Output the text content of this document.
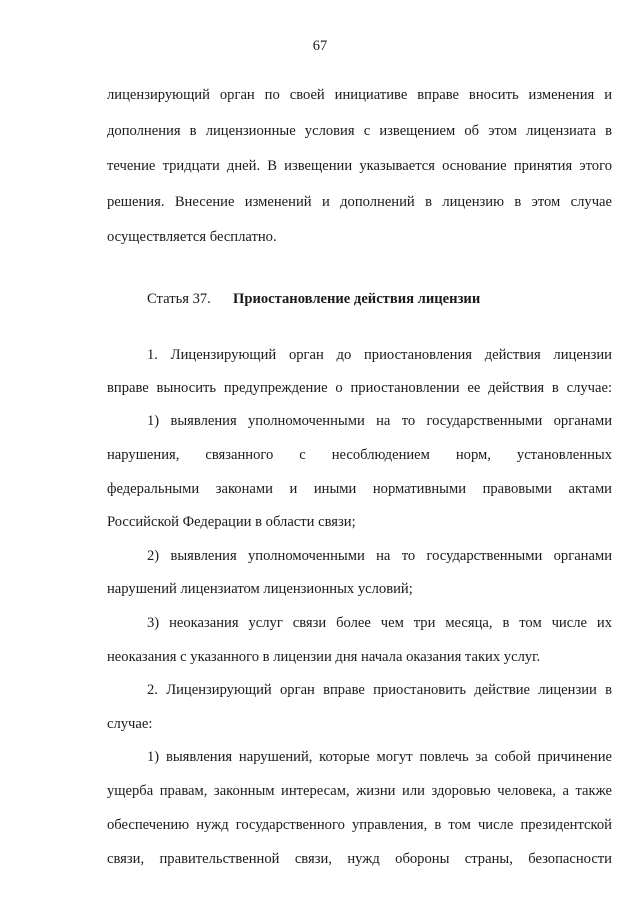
67
лицензирующий орган по своей инициативе вправе вносить изменения и
дополнения в лицензионные условия с извещением об этом лицензиата в
течение тридцати дней. В извещении указывается основание принятия этого
решения. Внесение изменений и дополнений в лицензию в этом случае
осуществляется бесплатно.
Статья 37. Приостановление действия лицензии
1. Лицензирующий орган до приостановления действия лицензии
вправе выносить предупреждение о приостановлении ее действия в случае:
1) выявления уполномоченными на то государственными органами
нарушения, связанного с несоблюдением норм, установленных
федеральными законами и иными нормативными правовыми актами
Российской Федерации в области связи;
2) выявления уполномоченными на то государственными органами
нарушений лицензиатом лицензионных условий;
3) неоказания услуг связи более чем три месяца, в том числе их
неоказания с указанного в лицензии дня начала оказания таких услуг.
2. Лицензирующий орган вправе приостановить действие лицензии в
случае:
1) выявления нарушений, которые могут повлечь за собой причинение
ущерба правам, законным интересам, жизни или здоровью человека, а также
обеспечению нужд государственного управления, в том числе президентской
связи, правительственной связи, нужд обороны страны, безопасности
